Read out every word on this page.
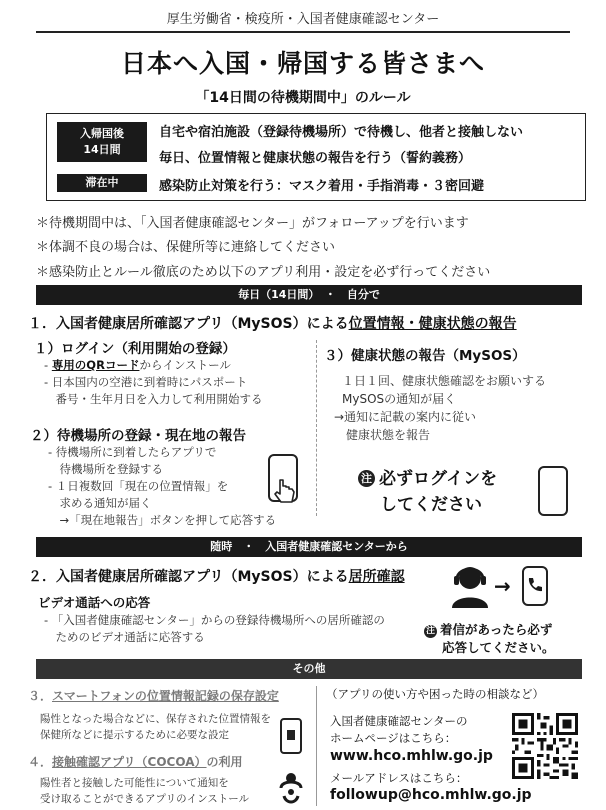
厚生労働省・検疫所・入国者健康確認センター
日本へ入国・帰国する皆さまへ
「14日間の待機期間中」のルール
入帰国後
14日間
滞在中
自宅や宿泊施設（登録待機場所）で待機し、他者と接触しない
毎日、位置情報と健康状態の報告を行う（誓約義務）
感染防止対策を行う：マスク着用・手指消毒・３密回避
＊待機期間中は、「入国者健康確認センター」がフォローアップを行います
＊体調不良の場合は、保健所等に連絡してください
＊感染防止とルール徹底のため以下のアプリ利用・設定を必ず行ってください
毎日（14日間）　・　自分で
１．入国者健康居所確認アプリ（MySOS）による位置情報・健康状態の報告
１）ログイン（利用開始の登録）
- 専用のQRコードからインストール
- 日本国内の空港に到着時にパスポート
　番号・生年月日を入力して利用開始する
３）健康状態の報告（MySOS）
１日１回、健康状態確認をお願いする
MySOSの通知が届く
→通知に記載の案内に従い
　健康状態を報告
２）待機場所の登録・現在地の報告
- 待機場所に到着したらアプリで
　待機場所を登録する
- １日複数回「現在の位置情報」を
　求める通知が届く
　→「現在地報告」ボタンを押して応答する
注 必ずログインを
してください
随時　・　入国者健康確認センターから
２．入国者健康居所確認アプリ（MySOS）による居所確認
ビデオ通話への応答
- 「入国者健康確認センター」からの登録待機場所への居所確認の
　ためのビデオ通話に応答する
→
注 着信があったら必ず
応答してください。
その他
３．スマートフォンの位置情報記録の保存設定
陽性となった場合などに、保存された位置情報を
保健所などに提示するために必要な設定
４．接触確認アプリ（COCOA）の利用
陽性者と接触した可能性について通知を
受け取ることができるアプリのインストール
（アプリの使い方や困った時の相談など）
入国者健康確認センターの
ホームページはこちら：
www.hco.mhlw.go.jp
メールアドレスはこちら：
followup@hco.mhlw.go.jp
